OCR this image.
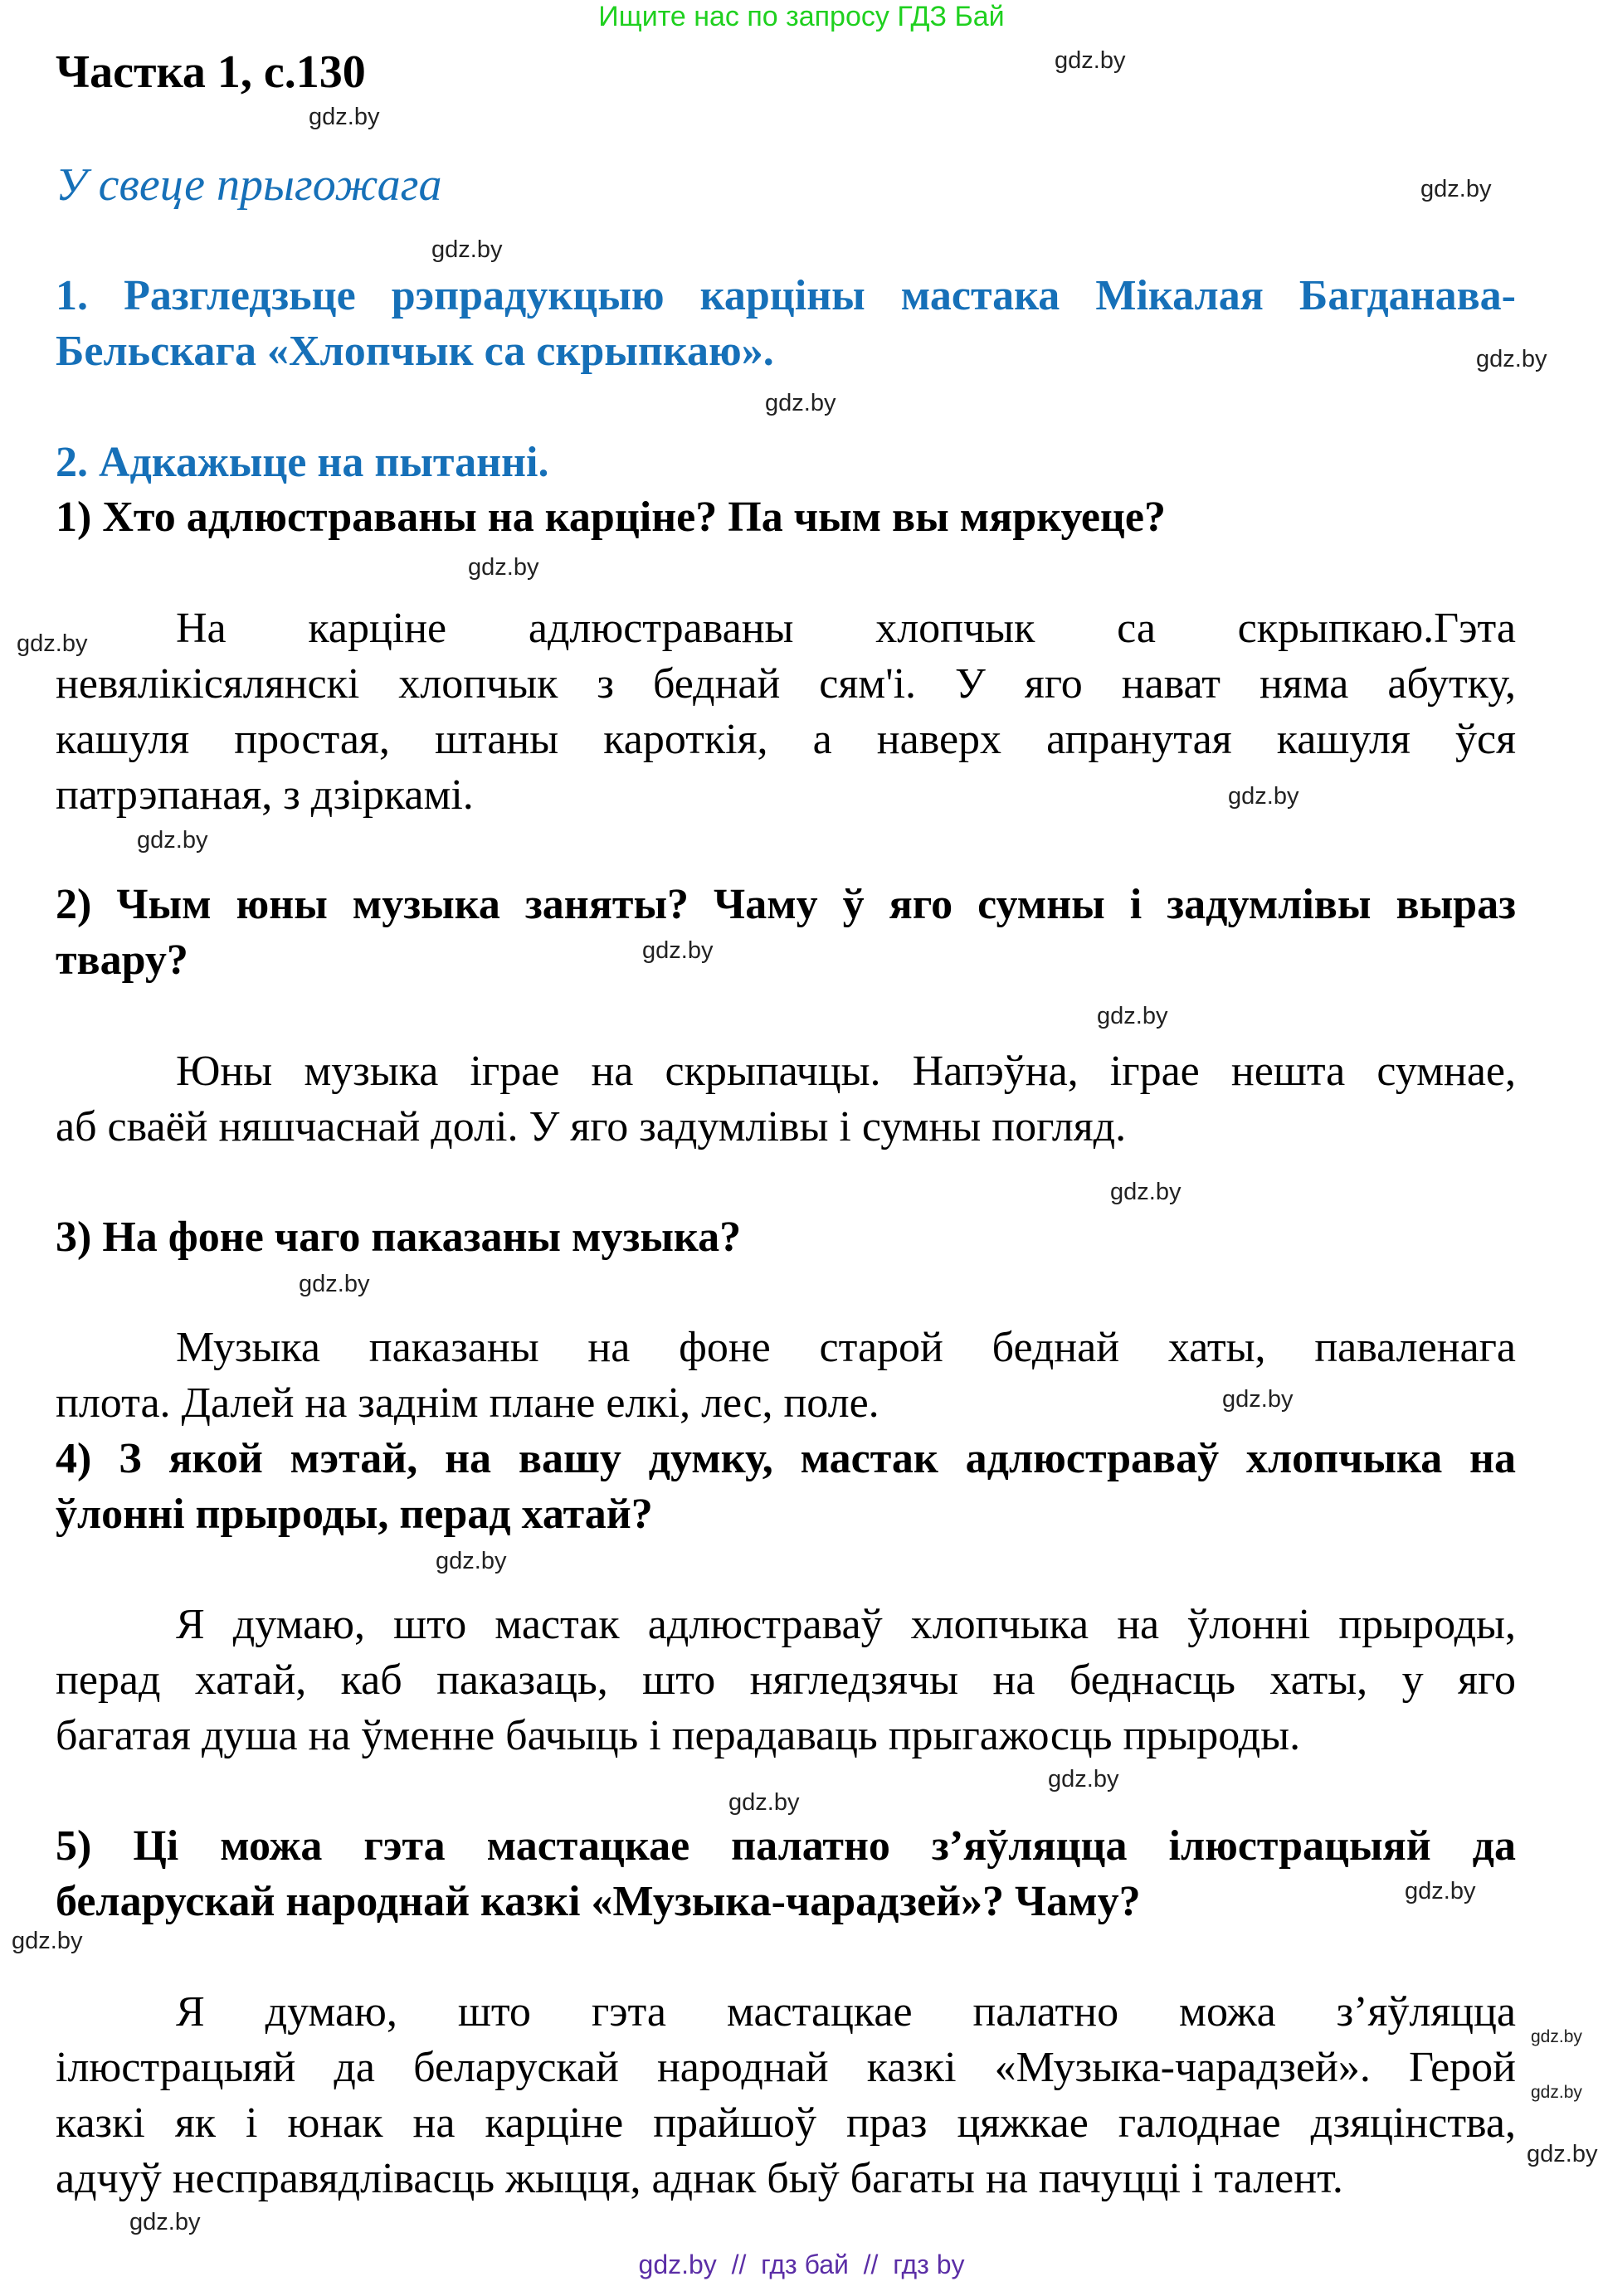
Ищите нас по запросу ГДЗ Бай
Частка 1, с.130
У свеце прыгожага
1. Разгледзьце рэпрадукцыю карціны мастака Мікалая Багданава-
Бельскага «Хлопчык са скрыпкаю».
2. Адкажыце на пытанні.
1) Хто адлюстраваны на карціне? Па чым вы мяркуеце?
На карціне адлюстраваны хлопчык са скрыпкаю.Гэта
невялікісялянскі хлопчык з беднай сям'і. У яго нават няма абутку,
кашуля простая, штаны кароткія, а наверх апранутая кашуля ўся
патрэпаная, з дзіркамі.
2) Чым юны музыка заняты? Чаму ў яго сумны і задумлівы выраз
твару?
Юны музыка іграе на скрыпачцы. Напэўна, іграе нешта сумнае,
аб сваёй няшчаснай долі. У яго задумлівы і сумны погляд.
3) На фоне чаго паказаны музыка?
Музыка паказаны на фоне старой беднай хаты, паваленага
плота. Далей на заднім плане елкі, лес, поле.
4) З якой мэтай, на вашу думку, мастак адлюстраваў хлопчыка на
ўлонні прыроды, перад хатай?
Я думаю, што мастак адлюстраваў хлопчыка на ўлонні прыроды,
перад хатай, каб паказаць, што нягледзячы на беднасць хаты, у яго
багатая душа на ўменне бачыць і перадаваць прыгажосць прыроды.
5) Ці можа гэта мастацкае палатно з’яўляцца ілюстрацыяй да
беларускай народнай казкі «Музыка-чарадзей»? Чаму?
Я думаю, што гэта мастацкае палатно можа з’яўляцца
ілюстрацыяй да беларускай народнай казкі «Музыка-чарадзей». Герой
казкі як і юнак на карціне прайшоў праз цяжкае галоднае дзяцінства,
адчуў несправядлівасць жыцця, аднак быў багаты на пачуцці і талент.
gdz.by
gdz.by
gdz.by
gdz.by
gdz.by
gdz.by
gdz.by
gdz.by
gdz.by
gdz.by
gdz.by
gdz.by
gdz.by
gdz.by
gdz.by
gdz.by
gdz.by
gdz.by
gdz.by
gdz.by
gdz.by
gdz.by
gdz.by
gdz.by
gdz.by  //  гдз бай  //  гдз by
